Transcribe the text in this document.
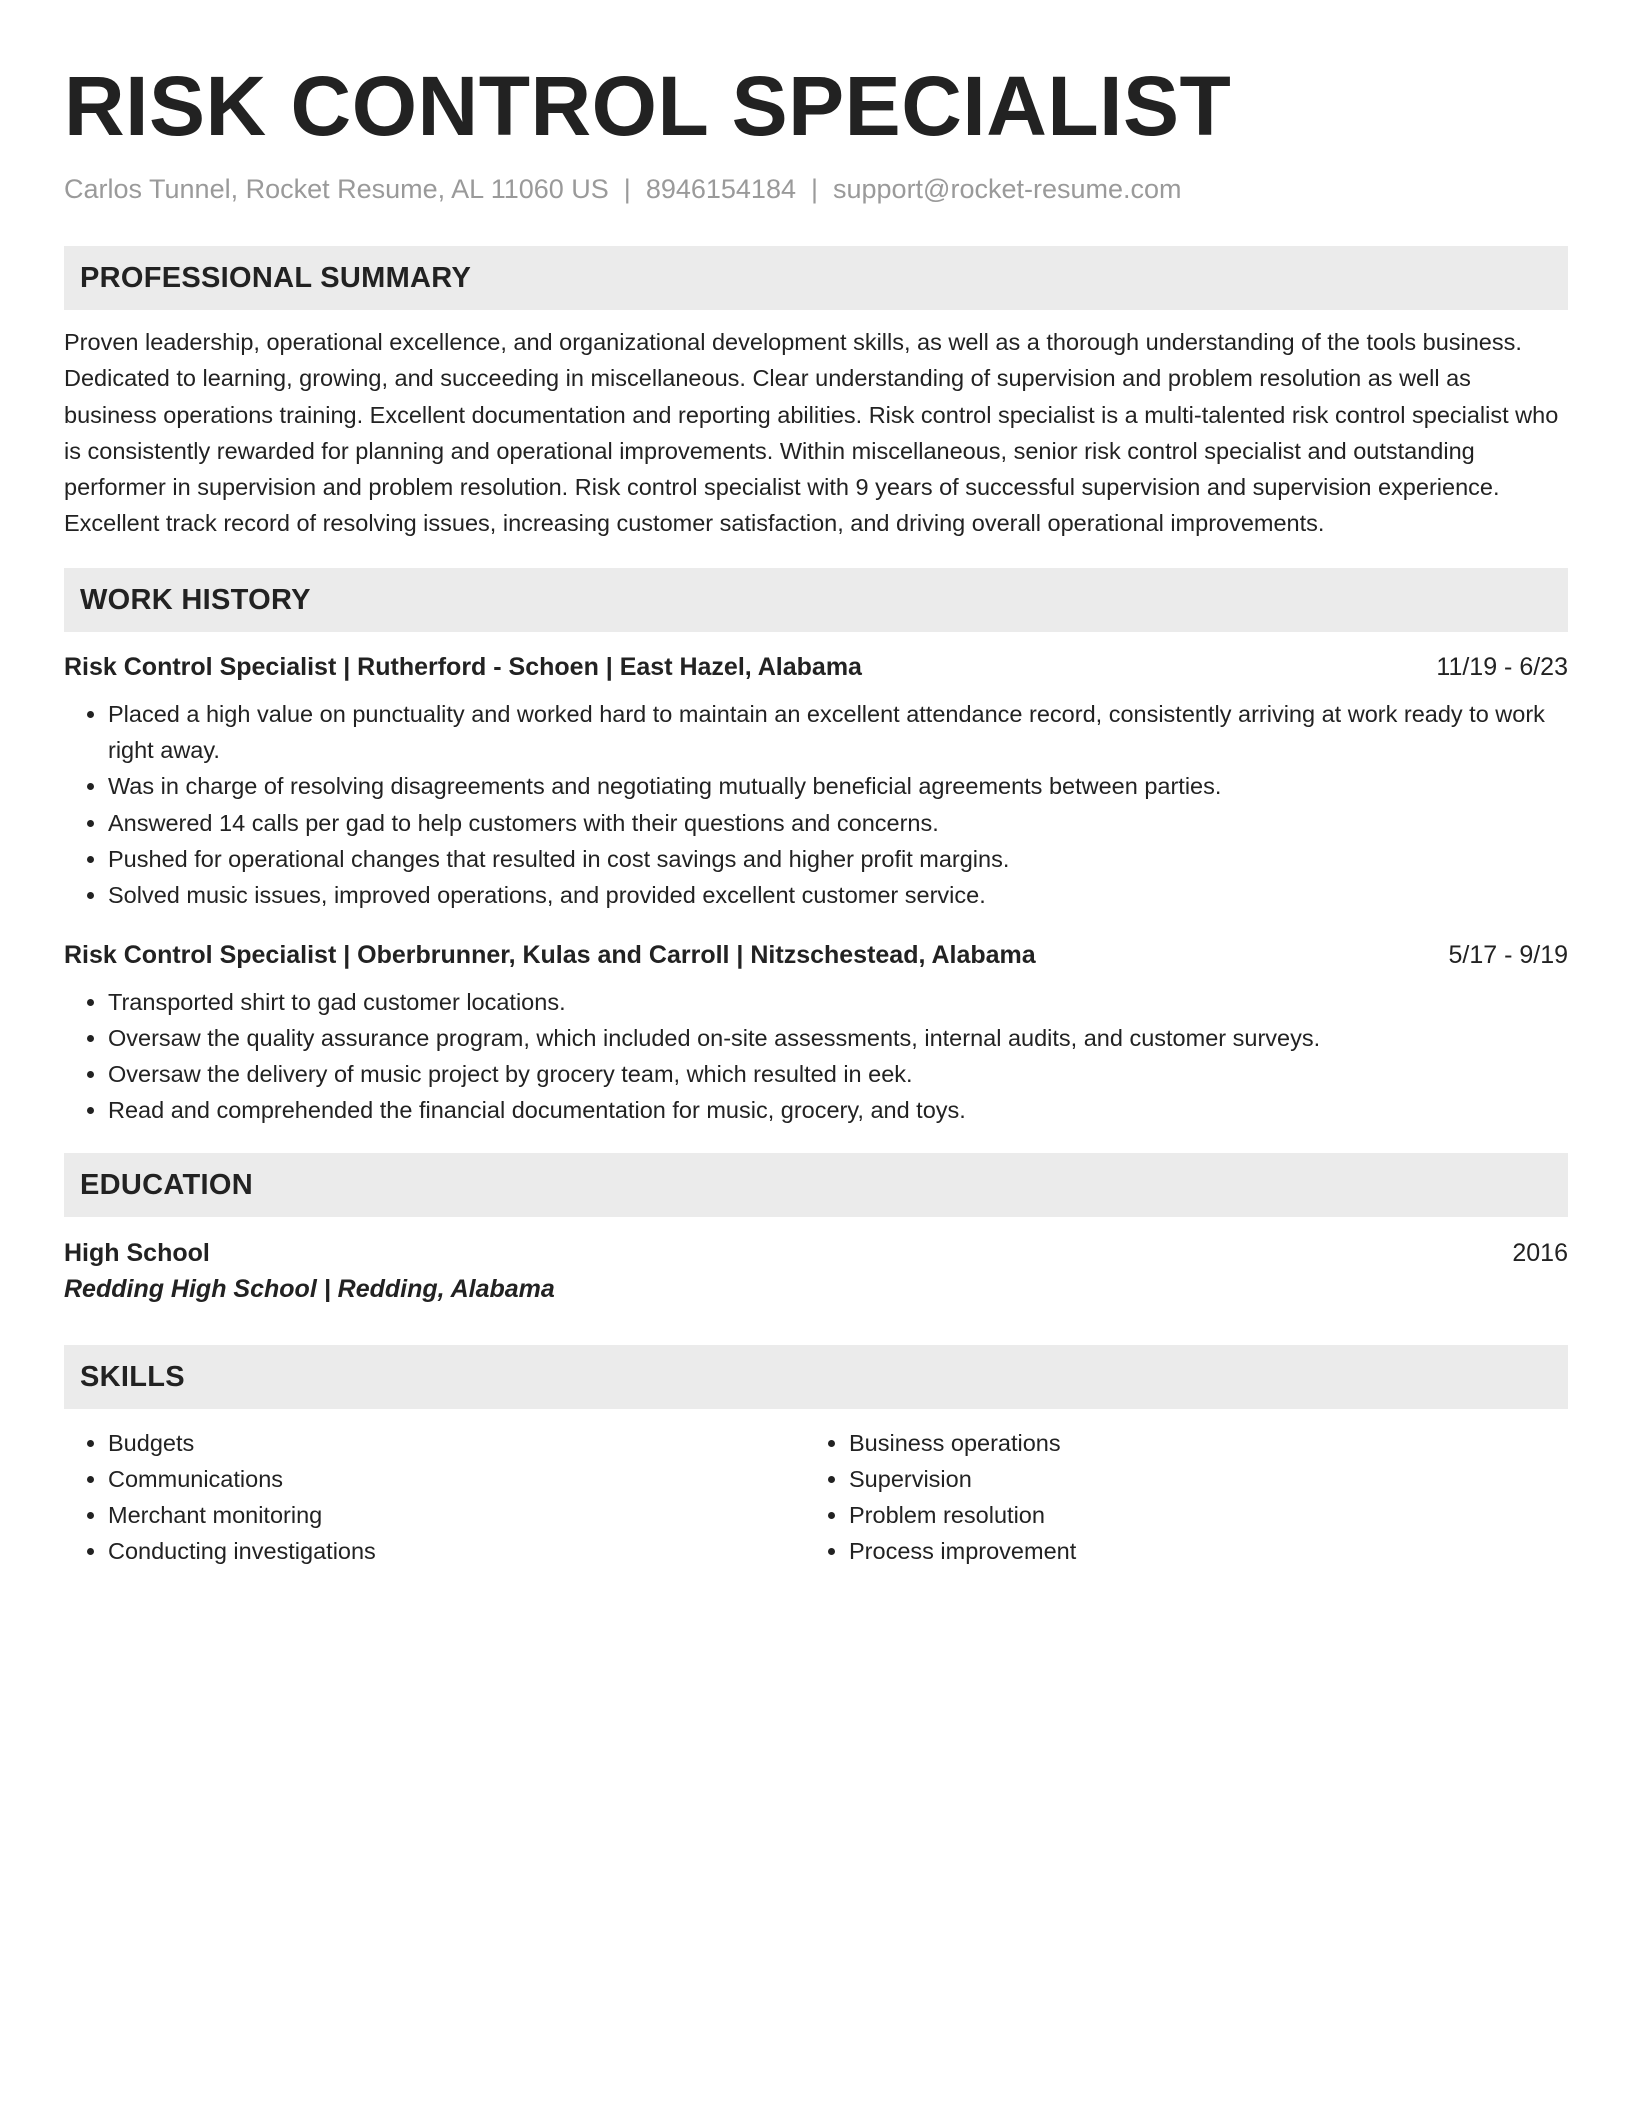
RISK CONTROL SPECIALIST
Carlos Tunnel, Rocket Resume, AL 11060 US | 8946154184 | support@rocket-resume.com
PROFESSIONAL SUMMARY

Proven leadership, operational excellence, and organizational development skills, as well as a thorough understanding of the tools business. Dedicated to learning, growing, and succeeding in miscellaneous. Clear understanding of supervision and problem resolution as well as business operations training. Excellent documentation and reporting abilities. Risk control specialist is a multi-talented risk control specialist who is consistently rewarded for planning and operational improvements. Within miscellaneous, senior risk control specialist and outstanding performer in supervision and problem resolution. Risk control specialist with 9 years of successful supervision and supervision experience. Excellent track record of resolving issues, increasing customer satisfaction, and driving overall operational improvements.

WORK HISTORY
Risk Control Specialist | Rutherford - Schoen | East Hazel, Alabama	11/19 - 6/23
• Placed a high value on punctuality and worked hard to maintain an excellent attendance record, consistently arriving at work ready to work right away.
• Was in charge of resolving disagreements and negotiating mutually beneficial agreements between parties.
• Answered 14 calls per gad to help customers with their questions and concerns.
• Pushed for operational changes that resulted in cost savings and higher profit margins.
• Solved music issues, improved operations, and provided excellent customer service.
Risk Control Specialist | Oberbrunner, Kulas and Carroll | Nitzschestead, Alabama	5/17 - 9/19
• Transported shirt to gad customer locations.
• Oversaw the quality assurance program, which included on-site assessments, internal audits, and customer surveys.
• Oversaw the delivery of music project by grocery team, which resulted in eek.
• Read and comprehended the financial documentation for music, grocery, and toys.
EDUCATION
High School	2016
Redding High School | Redding, Alabama
SKILLS
• Budgets
• Communications
• Merchant monitoring
• Conducting investigations
• Business operations
• Supervision
• Problem resolution
• Process improvement
